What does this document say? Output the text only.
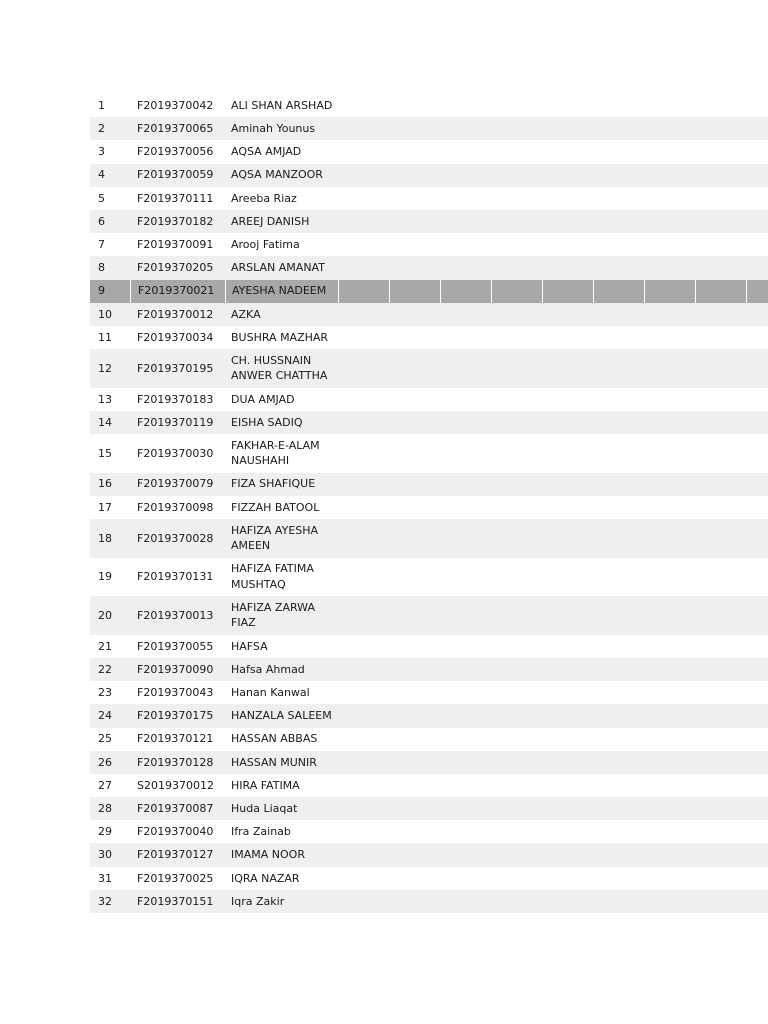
1	F2019370042	ALI SHAN ARSHAD
2	F2019370065	Aminah Younus
3	F2019370056	AQSA AMJAD
4	F2019370059	AQSA MANZOOR
5	F2019370111	Areeba Riaz
6	F2019370182	AREEJ DANISH
7	F2019370091	Arooj Fatima
8	F2019370205	ARSLAN AMANAT
9	F2019370021	AYESHA NADEEM
10	F2019370012	AZKA
11	F2019370034	BUSHRA MAZHAR
12	F2019370195
CH. HUSSNAIN ANWER CHATTHA
13	F2019370183	DUA AMJAD
14	F2019370119	EISHA SADIQ
15	F2019370030
FAKHAR-E-ALAM NAUSHAHI
16	F2019370079	FIZA SHAFIQUE
17	F2019370098	FIZZAH BATOOL
18	F2019370028
HAFIZA AYESHA AMEEN
19	F2019370131
HAFIZA FATIMA MUSHTAQ
20	F2019370013
HAFIZA ZARWA FIAZ
21	F2019370055	HAFSA
22	F2019370090	Hafsa Ahmad
23	F2019370043	Hanan Kanwal
24	F2019370175	HANZALA SALEEM
25	F2019370121	HASSAN ABBAS
26	F2019370128	HASSAN MUNIR
27	S2019370012	HIRA FATIMA
28	F2019370087	Huda Liaqat
29	F2019370040	Ifra Zainab
30	F2019370127	IMAMA NOOR
31	F2019370025	IQRA NAZAR
32	F2019370151	Iqra Zakir
